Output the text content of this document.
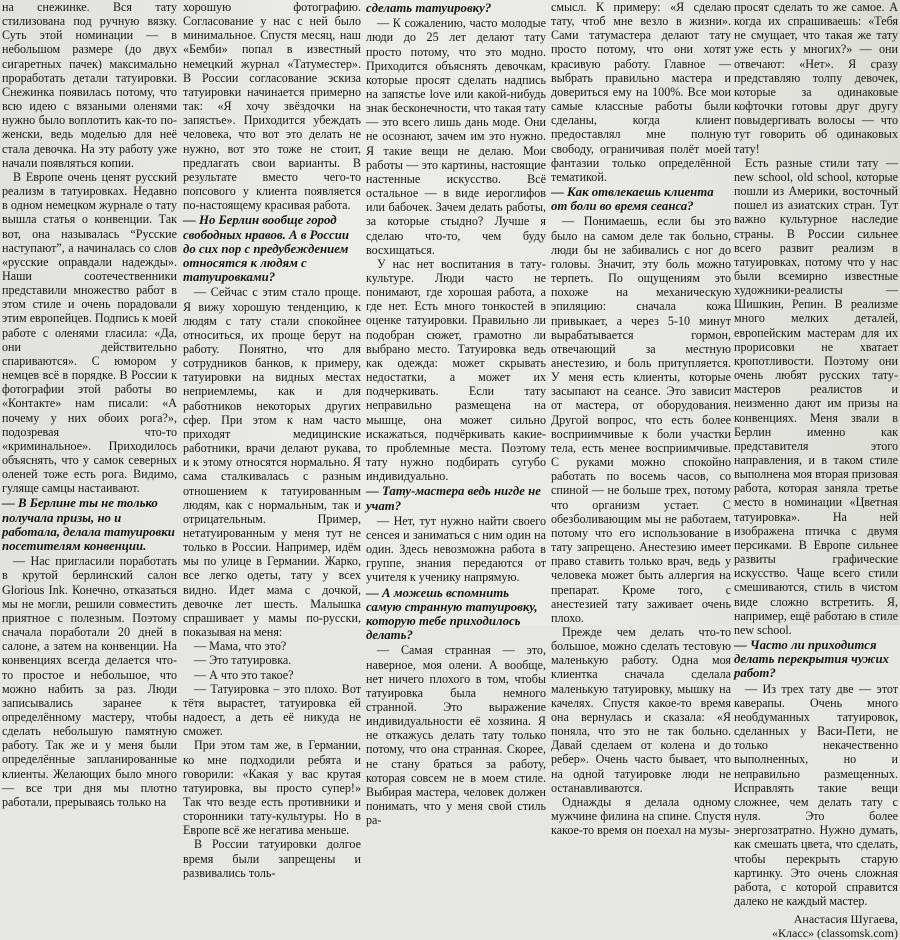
на снежинке. Вся тату стилизована под ручную вязку. Суть этой номинации — в небольшом размере (до двух сигаретных пачек) максимально проработать детали татуировки. Снежинка появилась потому, что всю идею с вязаными оленями нужно было воплотить как-то по-женски, ведь моделью для неё стала девочка. На эту работу уже начали появляться копии.

В Европе очень ценят русский реализм в татуировках. Недавно в одном немецком журнале о тату вышла статья о конвенции. Так вот, она называлась “Русские наступают”, а начиналась со слов «русские оправдали надежды». Наши соотечественники представили множество работ в этом стиле и очень порадовали этим европейцев. Подпись к моей работе с оленями гласила: «Да, они действительно спариваются». С юмором у немцев всё в порядке. В России к фотографии этой работы во «Контакте» нам писали: «А почему у них обоих рога?», подозревая что-то «криминальное». Приходилось объяснять, что у самок северных оленей тоже есть рога. Видимо, гуляще самцы настаивают.

— В Берлине ты не только получала призы, но и работала, делала татуировки посетителям конвенции.

— Нас пригласили поработать в крутой берлинский салон Glorious Ink. Конечно, отказаться мы не могли, решили совместить приятное с полезным. Поэтому сначала поработали 20 дней в салоне, а затем на конвенции. На конвенциях всегда делается что-то простое и небольшое, что можно набить за раз. Люди записывались заранее к определённому мастеру, чтобы сделать небольшую памятную работу. Так же и у меня были определённые запланированные клиенты. Желающих было много — все три дня мы плотно работали, прерываясь только на

хорошую фотографию. Согласование у нас с ней было минимальное. Спустя месяц, наш «Бемби» попал в известный немецкий журнал «Татуместер». В России согласование эскиза татуировки начинается примерно так: «Я хочу звёздочки на запястье». Приходится убеждать человека, что вот это делать не нужно, вот это тоже не стоит, предлагать свои варианты. В результате вместо чего-то попсового у клиента появляется по-настоящему красивая работа.

— Но Берлин вообще город свободных нравов. А в России до сих пор с предубеждением относятся к людям с татуировками?

— Сейчас с этим стало проще. Я вижу хорошую тенденцию, к людям с тату стали спокойнее относиться, их проще берут на работу. Понятно, что для сотрудников банков, к примеру, татуировки на видных местах неприемлемы, как и для работников некоторых других сфер. При этом к нам часто приходят медицинские работники, врачи делают рукава, и к этому относятся нормально. Я сама сталкивалась с разным отношением к татуированным людям, как с нормальным, так и отрицательным. Пример, нетатуированным у меня тут не только в России. Например, идём мы по улице в Германии. Жарко, все легко одеты, тату у всех видно. Идет мама с дочкой, девочке лет шесть. Малышка спрашивает у мамы по-русски, показывая на меня:

— Мама, что это?

— Это татуировка.

— А что это такое?

— Татуировка – это плохо. Вот тётя вырастет, татуировка ей надоест, а деть её никуда не сможет.

При этом там же, в Германии, ко мне подходили ребята и говорили: «Какая у вас крутая татуировка, вы просто супер!» Так что везде есть противники и сторонники тату-культуры. Но в Европе всё же негатива меньше.

В России татуировки долгое время были запрещены и развивались толь-

сделать татуировку?

— К сожалению, часто молодые люди до 25 лет делают тату просто потому, что это модно. Приходится объяснять девочкам, которые просят сделать надпись на запястье love или какой-нибудь знак бесконечности, что такая тату — это всего лишь дань моде. Они не осознают, зачем им это нужно. Я такие вещи не делаю. Мои работы — это картины, настоящие настенные искусство. Всё остальное — в виде иероглифов или бабочек. Зачем делать работы, за которые стыдно? Лучше я сделаю что-то, чем буду восхищаться.

У нас нет воспитания в тату-культуре. Люди часто не понимают, где хорошая работа, а где нет. Есть много тонкостей в оценке татуировки. Правильно ли подобран сюжет, грамотно ли выбрано место. Татуировка ведь как одежда: может скрывать недостатки, а может их подчеркивать. Если тату неправильно размещена на мышце, она может сильно искажаться, подчёркивать какие-то проблемные места. Поэтому тату нужно подбирать сугубо индивидуально.

— Тату-мастера ведь нигде не учат?

— Нет, тут нужно найти своего сенсея и заниматься с ним один на один. Здесь невозможна работа в группе, знания передаются от учителя к ученику напрямую.

— А можешь вспомнить самую странную татуировку, которую тебе приходилось делать?

— Самая странная — это, наверное, моя олени. А вообще, нет ничего плохого в том, чтобы татуировка была немного странной. Это выражение индивидуальности её хозяина. Я не откажусь делать тату только потому, что она странная. Скорее, не стану браться за работу, которая совсем не в моем стиле. Выбирая мастера, человек должен понимать, что у меня свой стиль ра-

смысл. К примеру: «Я сделаю тату, чтоб мне везло в жизни». Сами татумастера делают тату просто потому, что они хотят красивую работу. Главное — выбрать правильно мастера и довериться ему на 100%. Все мои самые классные работы были сделаны, когда клиент предоставлял мне полную свободу, ограничивая полёт моей фантазии только определённой тематикой.

— Как отвлекаешь клиента от боли во время сеанса?

— Понимаешь, если бы это было на самом деле так больно, люди бы не забивались с ног до головы. Значит, эту боль можно терпеть. По ощущениям это похоже на механическую эпиляцию: сначала кожа привыкает, а через 5-10 минут вырабатывается гормон, отвечающий за местную анестезию, и боль притупляется. У меня есть клиенты, которые засыпают на сеансе. Это зависит от мастера, от оборудования. Другой вопрос, что есть более восприимчивые к боли участки тела, есть менее восприимчивые. С руками можно спокойно работать по восемь часов, со спиной — не больше трех, потому что организм устает. С обезболивающим мы не работаем, потому что его использование в тату запрещено. Анестезию имеет право ставить только врач, ведь у человека может быть аллергия на препарат. Кроме того, с анестезией тату заживает очень плохо.

Прежде чем делать что-то большое, можно сделать тестовую маленькую работу. Одна моя клиентка сначала сделала маленькую татуировку, мышку на качелях. Спустя какое-то время она вернулась и сказала: «Я поняла, что это не так больно. Давай сделаем от колена и до ребер». Очень часто бывает, что на одной татуировке люди не останавливаются.

Однажды я делала одному мужчине филина на спине. Спустя какое-то время он поехал на музы-

просят сделать то же самое. А когда их спрашиваешь: «Тебя не смущает, что такая же тату уже есть у многих?» — они отвечают: «Нет». Я сразу представляю толпу девочек, которые за одинаковые кофточки готовы друг другу повыдергивать волосы — что тут говорить об одинаковых тату!

Есть разные стили тату — new school, old school, которые пошли из Америки, восточный пошел из азиатских стран. Тут важно культурное наследие страны. В России сильнее всего развит реализм в татуировках, потому что у нас были всемирно известные художники-реалисты — Шишкин, Репин. В реализме много мелких деталей, европейским мастерам для их прорисовки не хватает кропотливости. Поэтому они очень любят русских тату-мастеров реалистов и неизменно дают им призы на конвенциях. Меня звали в Берлин именно как представителя этого направления, и в таком стиле выполнена моя вторая призовая работа, которая заняла третье место в номинации «Цветная татуировка». На ней изображена птичка с двумя персиками. В Европе сильнее развиты графические искусство. Чаще всего стили смешиваются, стиль в чистом виде сложно встретить. Я, например, ещё работаю в стиле new school.

— Часто ли приходится делать перекрытия чужих работ?

— Из трех тату две — этот каверапы. Очень много необдуманных татуировок, сделанных у Васи-Пети, не только некачественно выполненных, но и неправильно размещенных. Исправлять такие вещи сложнее, чем делать тату с нуля. Это более энергозатратно. Нужно думать, как смешать цвета, что сделать, чтобы перекрыть старую картинку. Это очень сложная работа, с которой справится далеко не каждый мастер.

Анастасия Шугаева,
«Класс» (classomsk.com)
